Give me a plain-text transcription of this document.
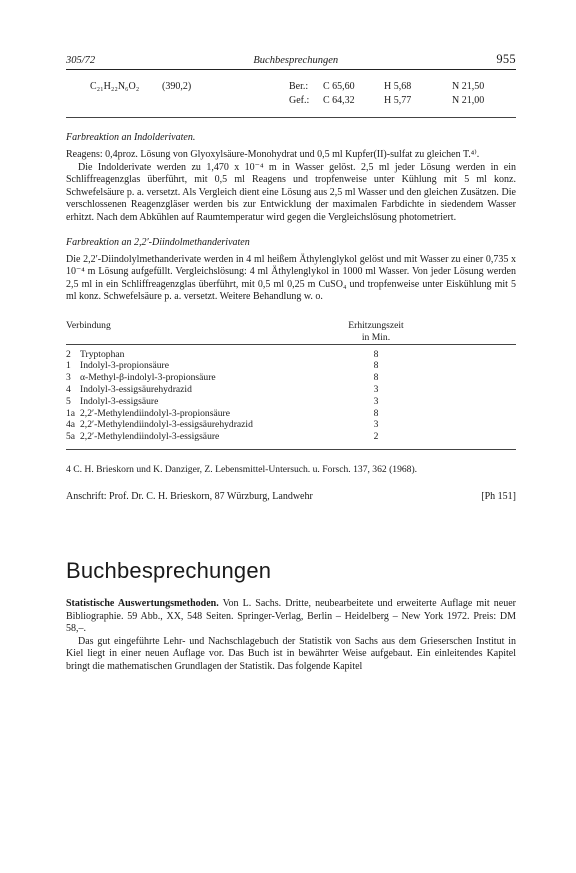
305/72	Buchbesprechungen	955
C₂₁H₂₂N₆O₂ (390,2)	Ber.: C 65,60	H 5,68	N 21,50
Gef.: C 64,32	H 5,77	N 21,00
Farbreaktion an Indolderivaten.
Reagens: 0,4proz. Lösung von Glyoxylsäure-Monohydrat und 0,5 ml Kupfer(II)-sulfat zu gleichen T.⁴⁾.
Die Indolderivate werden zu 1,470 x 10⁻⁴ m in Wasser gelöst. 2,5 ml jeder Lösung werden in ein Schliffreagenzglas überführt, mit 0,5 ml Reagens und tropfenweise unter Kühlung mit 5 ml konz. Schwefelsäure p. a. versetzt. Als Vergleich dient eine Lösung aus 2,5 ml Wasser und den gleichen Zusätzen. Die verschlossenen Reagenzgläser werden bis zur Entwicklung der maximalen Farbdichte in siedendem Wasser erhitzt. Nach dem Abkühlen auf Raumtemperatur wird gegen die Vergleichslösung photometriert.
Farbreaktion an 2,2′-Diindolmethanderivaten
Die 2,2′-Diindolylmethanderivate werden in 4 ml heißem Äthylenglykol gelöst und mit Wasser zu einer 0,735 x 10⁻⁴ m Lösung aufgefüllt. Vergleichslösung: 4 ml Äthylenglykol in 1000 ml Wasser. Von jeder Lösung werden 2,5 ml in ein Schliffreagenzglas überführt, mit 0,5 ml 0,25 m CuSO₄ und tropfenweise unter Eiskühlung mit 5 ml konz. Schwefelsäure p. a. versetzt. Weitere Behandlung w. o.
Verbindung		Erhitzungszeit
in Min.	

2	Tryptophan	8	
1	Indolyl-3-propionsäure	8	
3	α-Methyl-β-indolyl-3-propionsäure	8	
4	Indolyl-3-essigsäurehydrazid	3	
5	Indolyl-3-essigsäure	3	
1a	2,2′-Methylendiindolyl-3-propionsäure	8	
4a	2,2′-Methylendiindolyl-3-essigsäurehydrazid	3	
5a	2,2′-Methylendiindolyl-3-essigsäure	2	
4 C. H. Brieskorn und K. Danziger, Z. Lebensmittel-Untersuch. u. Forsch. 137, 362 (1968).
Anschrift: Prof. Dr. C. H. Brieskorn, 87 Würzburg, Landwehr	[Ph 151]
Buchbesprechungen
Statistische Auswertungsmethoden. Von L. Sachs. Dritte, neubearbeitete und erweiterte Auflage mit neuer Bibliographie. 59 Abb., XX, 548 Seiten. Springer-Verlag, Berlin – Heidelberg – New York 1972. Preis: DM 58,–.
Das gut eingeführte Lehr- und Nachschlagebuch der Statistik von Sachs aus dem Grieserschen Institut in Kiel liegt in einer neuen Auflage vor. Das Buch ist in bewährter Weise aufgebaut. Ein einleitendes Kapitel bringt die mathematischen Grundlagen der Statistik. Das folgende Kapitel
